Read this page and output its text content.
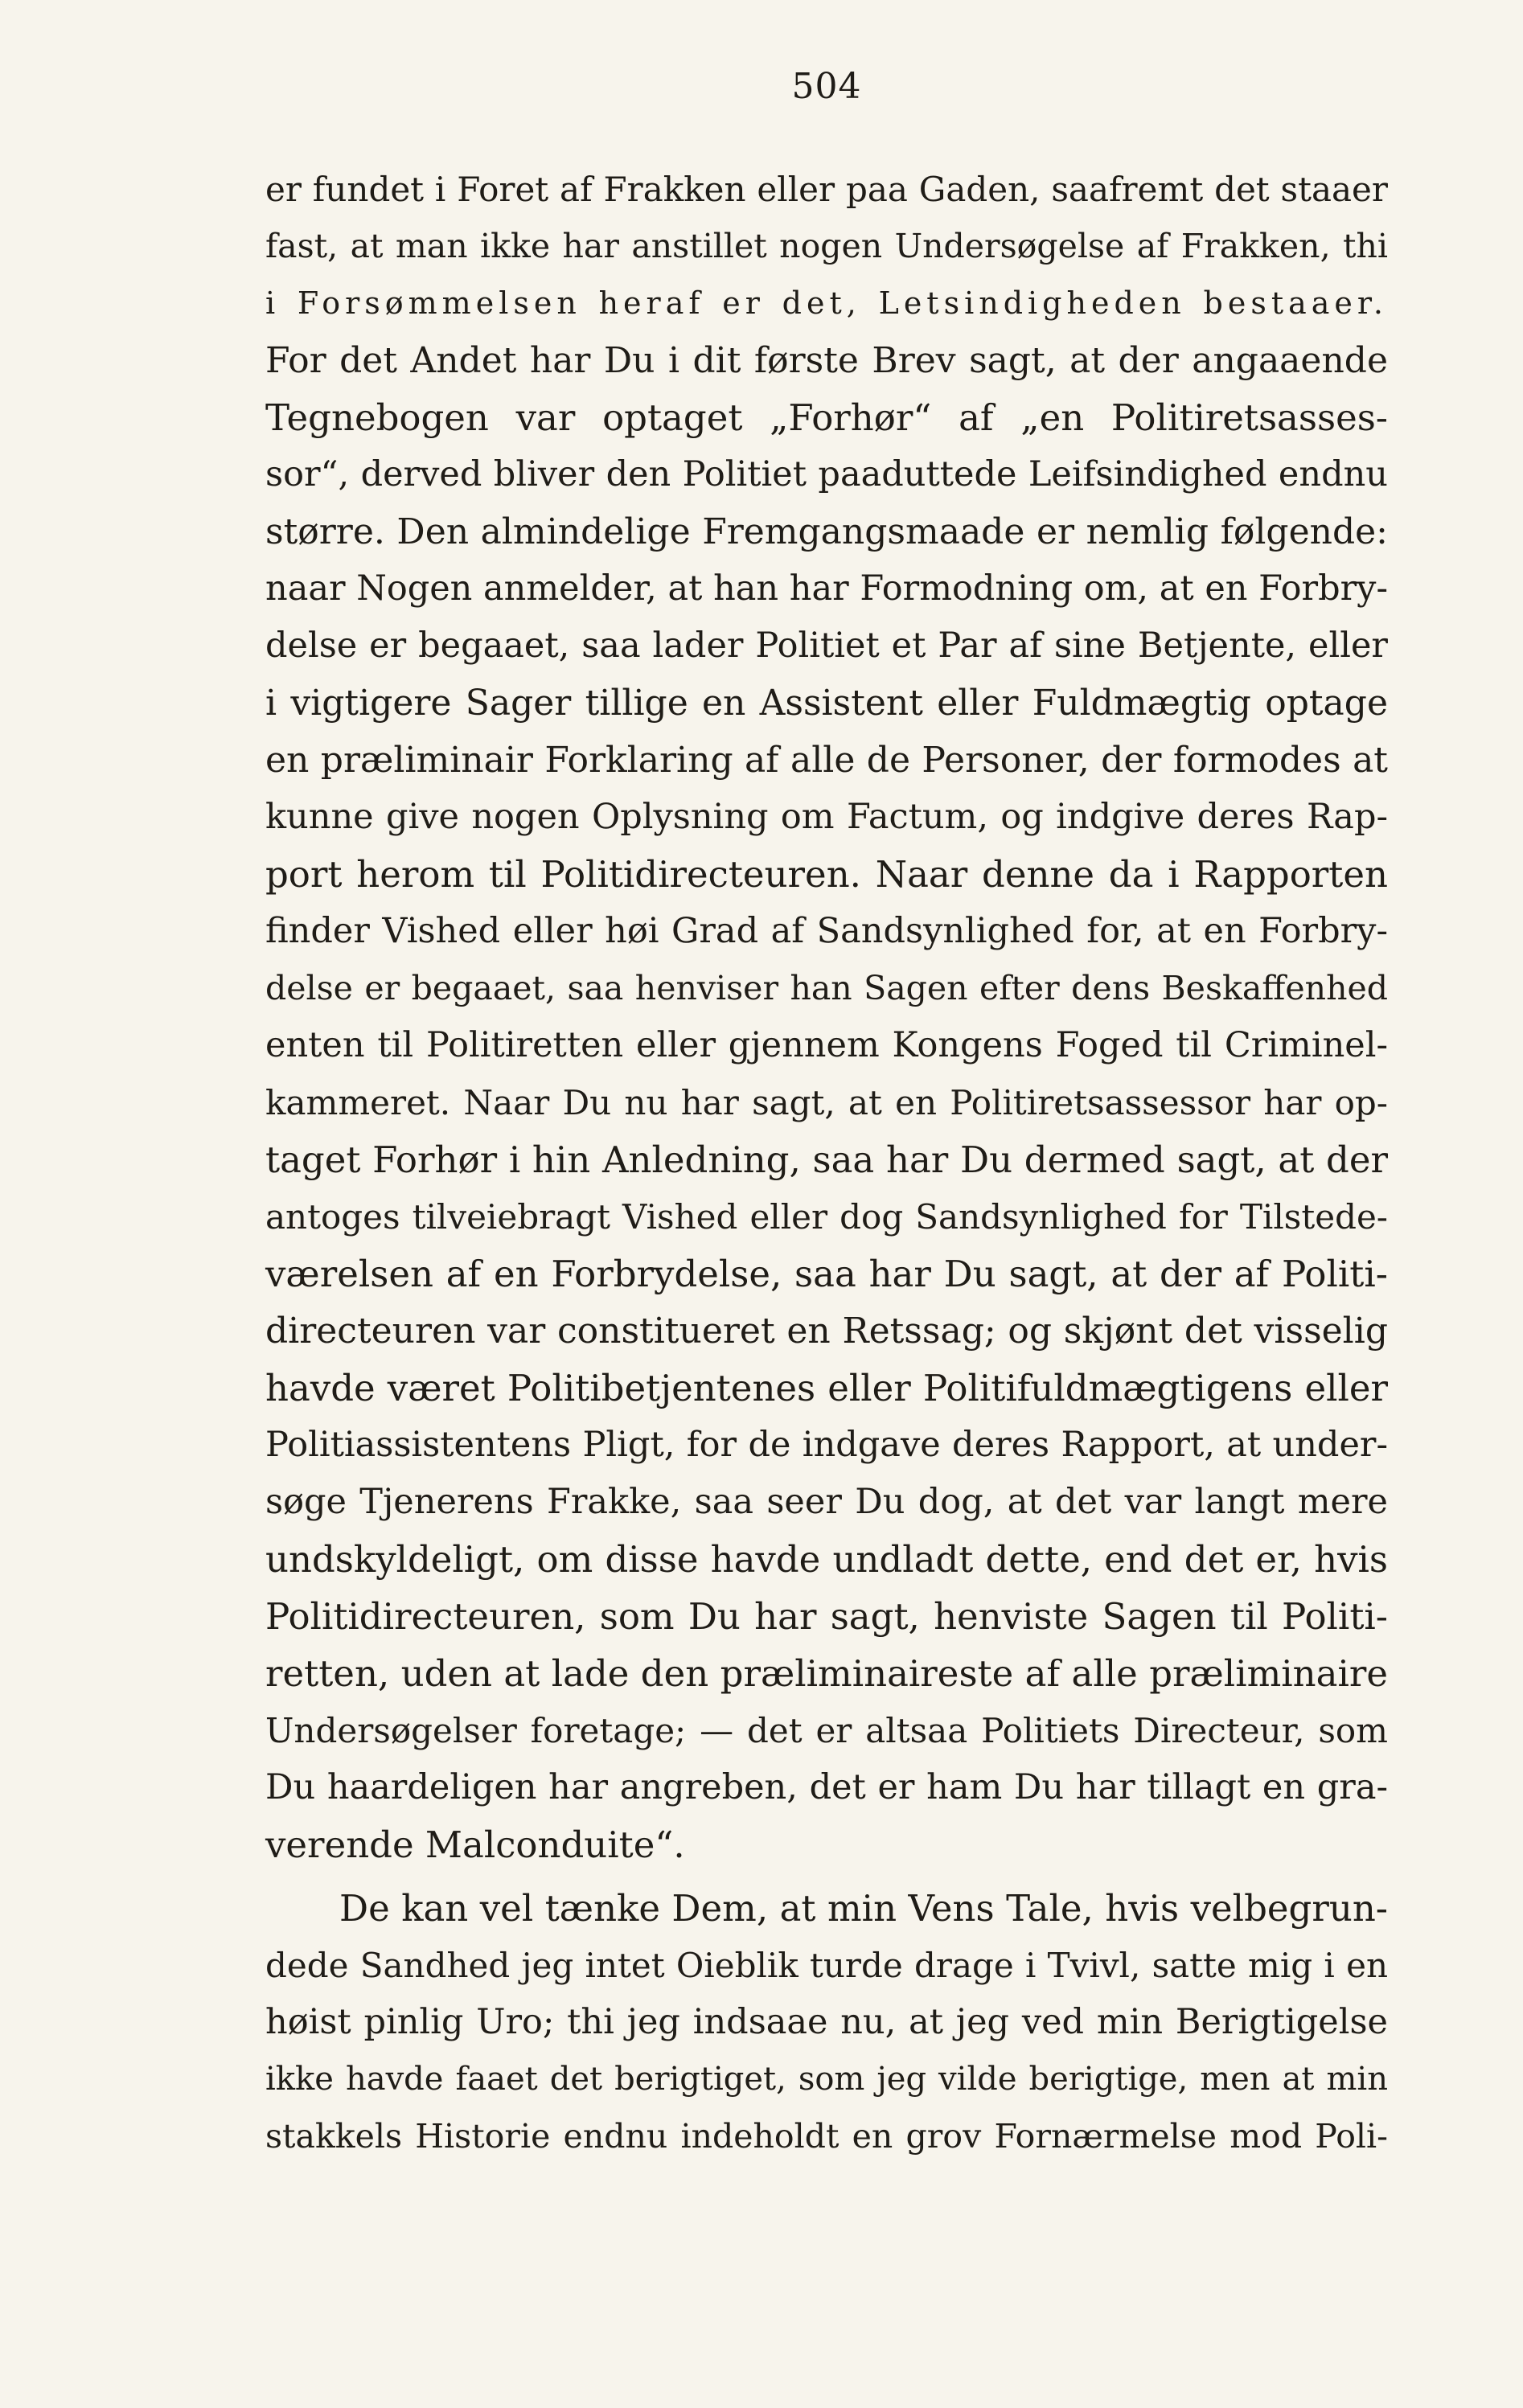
504
er fundet i Foret af Frakken eller paa Gaden, saafremt det staaer
fast, at man ikke har anstillet nogen Undersøgelse af Frakken, thi
i Forsømmelsen heraf er det, Letsindigheden bestaaer.
For det Andet har Du i dit første Brev sagt, at der angaaende
Tegnebogen var optaget „Forhør“ af „en Politiretsasses-
sor“, derved bliver den Politiet paaduttede Leifsindighed endnu
større. Den almindelige Fremgangsmaade er nemlig følgende:
naar Nogen anmelder, at han har Formodning om, at en Forbry-
delse er begaaet, saa lader Politiet et Par af sine Betjente, eller
i vigtigere Sager tillige en Assistent eller Fuldmægtig optage
en præliminair Forklaring af alle de Personer, der formodes at
kunne give nogen Oplysning om Factum, og indgive deres Rap-
port herom til Politidirecteuren. Naar denne da i Rapporten
finder Vished eller høi Grad af Sandsynlighed for, at en Forbry-
delse er begaaet, saa henviser han Sagen efter dens Beskaffenhed
enten til Politiretten eller gjennem Kongens Foged til Criminel-
kammeret. Naar Du nu har sagt, at en Politiretsassessor har op-
taget Forhør i hin Anledning, saa har Du dermed sagt, at der
antoges tilveiebragt Vished eller dog Sandsynlighed for Tilstede-
værelsen af en Forbrydelse, saa har Du sagt, at der af Politi-
directeuren var constitueret en Retssag; og skjønt det visselig
havde været Politibetjentenes eller Politifuldmægtigens eller
Politiassistentens Pligt, for de indgave deres Rapport, at under-
søge Tjenerens Frakke, saa seer Du dog, at det var langt mere
undskyldeligt, om disse havde undladt dette, end det er, hvis
Politidirecteuren, som Du har sagt, henviste Sagen til Politi-
retten, uden at lade den præliminaireste af alle præliminaire
Undersøgelser foretage; — det er altsaa Politiets Directeur, som
Du haardeligen har angreben, det er ham Du har tillagt en gra-
verende Malconduite“.
De kan vel tænke Dem, at min Vens Tale, hvis velbegrun-
dede Sandhed jeg intet Oieblik turde drage i Tvivl, satte mig i en
høist pinlig Uro; thi jeg indsaae nu, at jeg ved min Berigtigelse
ikke havde faaet det berigtiget, som jeg vilde berigtige, men at min
stakkels Historie endnu indeholdt en grov Fornærmelse mod Poli-
